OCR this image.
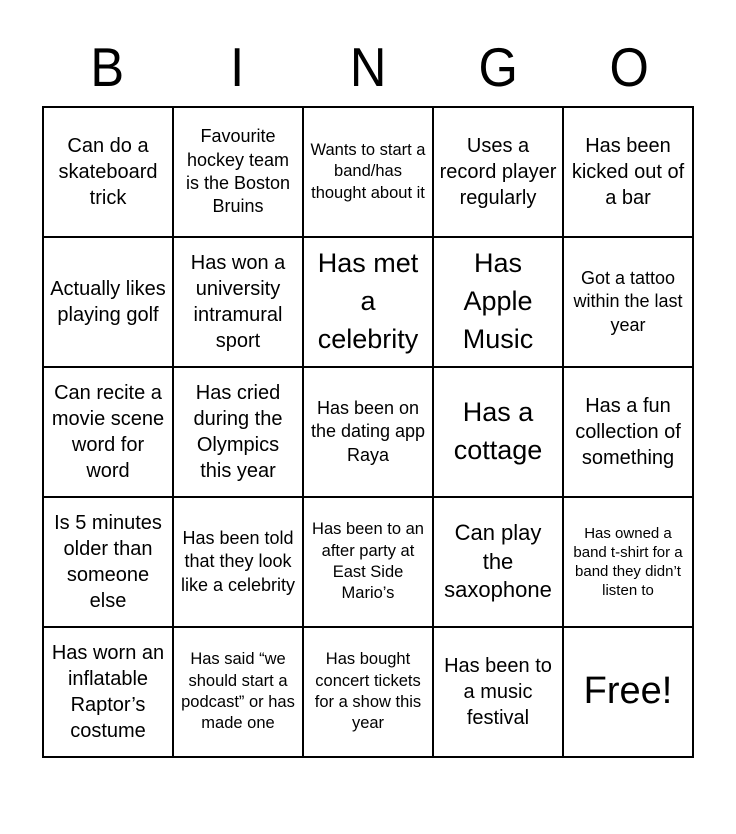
B	I	N	G	O
Can do a skateboard trick
Favourite hockey team is the Boston Bruins
Wants to start a band/has thought about it
Uses a record player regularly
Has been kicked out of a bar
Actually likes playing golf
Has won a university intramural sport
Has met a celebrity
Has Apple Music
Got a tattoo within the last year
Can recite a movie scene word for word
Has cried during the Olympics this year
Has been on the dating app Raya
Has a cottage
Has a fun collection of something
Is 5 minutes older than someone else
Has been told that they look like a celebrity
Has been to an after party at East Side Mario’s
Can play the saxophone
Has owned a band t-shirt for a band they didn’t listen to
Has worn an inflatable Raptor’s costume
Has said “we should start a podcast” or has made one
Has bought concert tickets for a show this year
Has been to a music festival
Free!
